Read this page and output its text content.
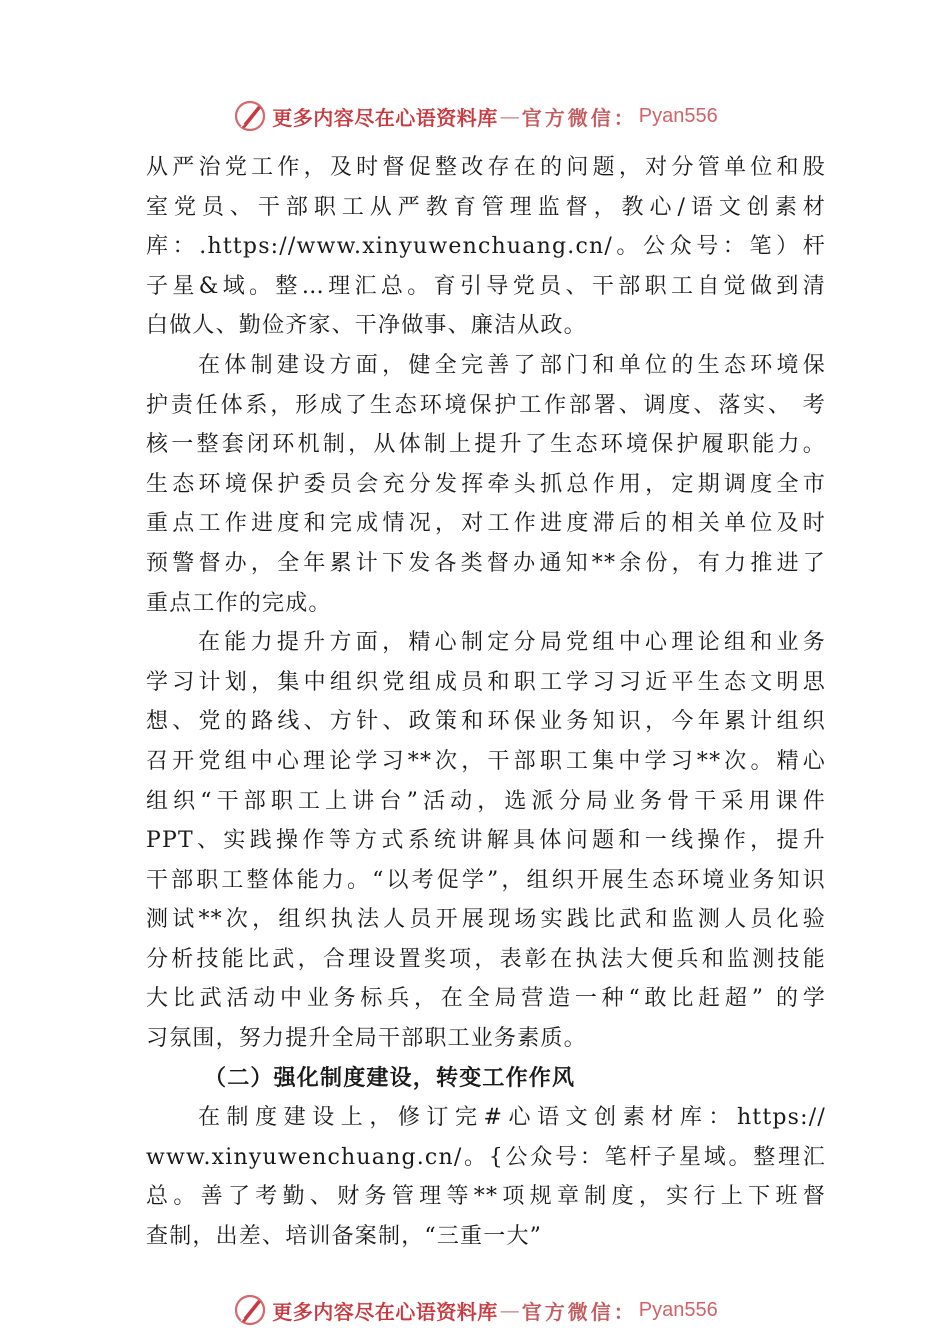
更多内容尽在心语资料库 — 官方微信： Pyan556
从严治党工作，及时督促整改存在的问题，对分管单位和股
室党员、干部职工从严教育管理监督，教心/语文创素材
库：.https://www.xinyuwenchuang.cn/。公众号：笔）杆
子星&域。整…理汇总。育引导党员、干部职工自觉做到清
白做人、勤俭齐家、干净做事、廉洁从政。
在体制建设方面，健全完善了部门和单位的生态环境保
护责任体系，形成了生态环境保护工作部署、调度、落实、 考
核一整套闭环机制，从体制上提升了生态环境保护履职能力。
生态环境保护委员会充分发挥牵头抓总作用，定期调度全市
重点工作进度和完成情况，对工作进度滞后的相关单位及时
预警督办，全年累计下发各类督办通知**余份，有力推进了
重点工作的完成。
在能力提升方面，精心制定分局党组中心理论组和业务
学习计划，集中组织党组成员和职工学习习近平生态文明思
想、党的路线、方针、政策和环保业务知识，今年累计组织
召开党组中心理论学习**次，干部职工集中学习**次。精心
组织“干部职工上讲台”活动，选派分局业务骨干采用课件
PPT、实践操作等方式系统讲解具体问题和一线操作，提升
干部职工整体能力。“以考促学”，组织开展生态环境业务知识
测试**次，组织执法人员开展现场实践比武和监测人员化验
分析技能比武，合理设置奖项，表彰在执法大便兵和监测技能
大比武活动中业务标兵，在全局营造一种“敢比赶超” 的学
习氛围，努力提升全局干部职工业务素质。
（二）强化制度建设，转变工作作风
在制度建设上，修订完#心语文创素材库：https://
www.xinyuwenchuang.cn/。{公众号：笔杆子星域。整理汇
总。善了考勤、财务管理等**项规章制度，实行上下班督
查制，出差、培训备案制，“三重一大”
更多内容尽在心语资料库 — 官方微信： Pyan556
